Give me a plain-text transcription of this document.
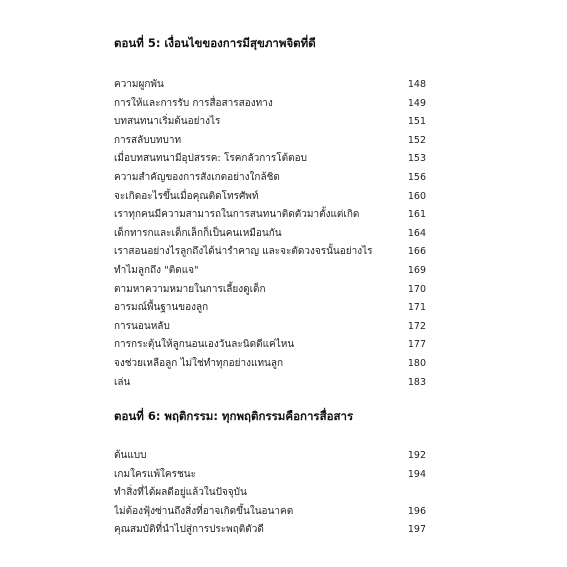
ตอนที่ 5: เงื่อนไขของการมีสุขภาพจิตที่ดี
ความผูกพัน	148
การให้และการรับ การสื่อสารสองทาง	149
บทสนทนาเริ่มต้นอย่างไร	151
การสลับบทบาท	152
เมื่อบทสนทนามีอุปสรรค: โรคกลัวการโต้ตอบ	153
ความสำคัญของการสังเกตอย่างใกล้ชิด	156
จะเกิดอะไรขึ้นเมื่อคุณติดโทรศัพท์	160
เราทุกคนมีความสามารถในการสนทนาติดตัวมาตั้งแต่เกิด	161
เด็กทารกและเด็กเล็กก็เป็นคนเหมือนกัน	164
เราสอนอย่างไรลูกถึงได้น่ารำคาญ และจะตัดวงจรนั้นอย่างไร	166
ทำไมลูกถึง "ติดแจ"	169
ตามหาความหมายในการเลี้ยงดูเด็ก	170
อารมณ์พื้นฐานของลูก	171
การนอนหลับ	172
การกระตุ้นให้ลูกนอนเองวันละนิดดีแค่ไหน	177
จงช่วยเหลือลูก ไม่ใช่ทำทุกอย่างแทนลูก	180
เล่น	183
ตอนที่ 6: พฤติกรรม: ทุกพฤติกรรมคือการสื่อสาร
ต้นแบบ	192
เกมใครแพ้ใครชนะ	194
ทำสิ่งที่ได้ผลดีอยู่แล้วในปัจจุบัน
ไม่ต้องฟุ้งซ่านถึงสิ่งที่อาจเกิดขึ้นในอนาคต	196
คุณสมบัติที่นำไปสู่การประพฤติตัวดี	197
